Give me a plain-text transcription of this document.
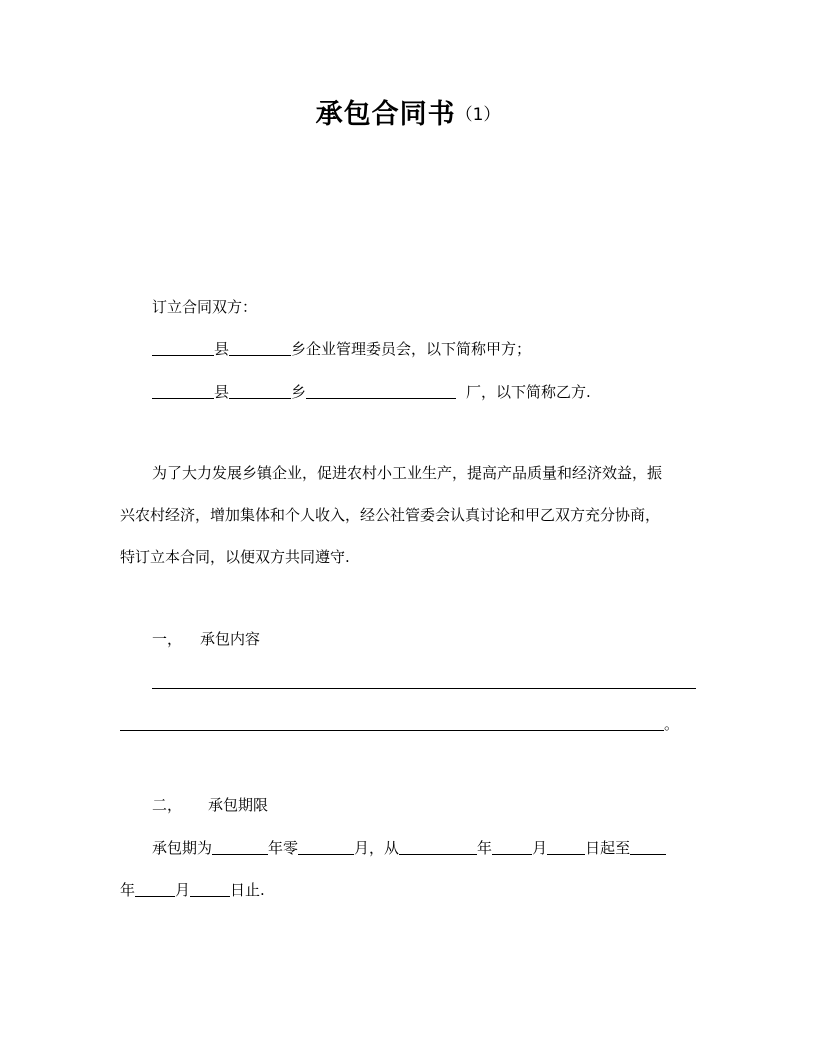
承包合同书（1）
订立合同双方：
县	乡企业管理委员会，以下简称甲方；
县	乡	厂，以下简称乙方.
为了大力发展乡镇企业，促进农村小工业生产，提高产品质量和经济效益，振
兴农村经济，增加集体和个人收入，经公社管委会认真讨论和甲乙双方充分协商，
特订立本合同，以便双方共同遵守.
一， 承包内容
。
二， 承包期限
承包期为	年零	月，从	年	月	日起至
年	月	日止.
